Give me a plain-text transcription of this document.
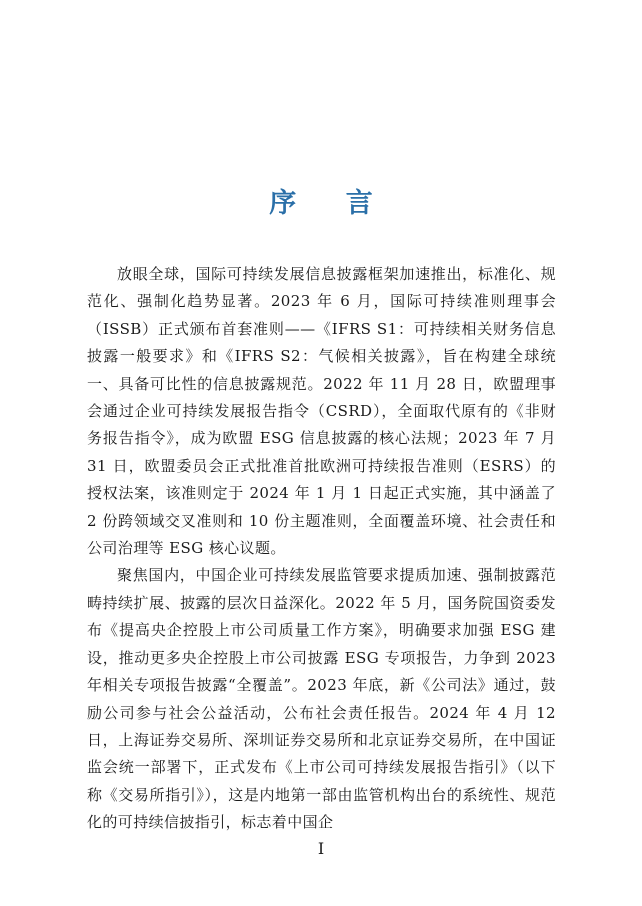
序 言

放眼全球，国际可持续发展信息披露框架加速推出，标准化、规范化、强制化趋势显著。2023 年 6 月，国际可持续准则理事会（ISSB）正式颁布首套准则——《IFRS S1：可持续相关财务信息披露一般要求》和《IFRS S2：气候相关披露》，旨在构建全球统一、具备可比性的信息披露规范。2022 年 11 月 28 日，欧盟理事会通过企业可持续发展报告指令（CSRD），全面取代原有的《非财务报告指令》，成为欧盟 ESG 信息披露的核心法规；2023 年 7 月 31 日，欧盟委员会正式批准首批欧洲可持续报告准则（ESRS）的授权法案，该准则定于 2024 年 1 月 1 日起正式实施，其中涵盖了 2 份跨领域交叉准则和 10 份主题准则，全面覆盖环境、社会责任和公司治理等 ESG 核心议题。

聚焦国内，中国企业可持续发展监管要求提质加速、强制披露范畴持续扩展、披露的层次日益深化。2022 年 5 月，国务院国资委发布《提高央企控股上市公司质量工作方案》，明确要求加强 ESG 建设，推动更多央企控股上市公司披露 ESG 专项报告，力争到 2023 年相关专项报告披露“全覆盖”。2023 年底，新《公司法》通过，鼓励公司参与社会公益活动，公布社会责任报告。2024 年 4 月 12 日，上海证券交易所、深圳证券交易所和北京证券交易所，在中国证监会统一部署下，正式发布《上市公司可持续发展报告指引》（以下称《交易所指引》），这是内地第一部由监管机构出台的系统性、规范化的可持续信披指引，标志着中国企

I
